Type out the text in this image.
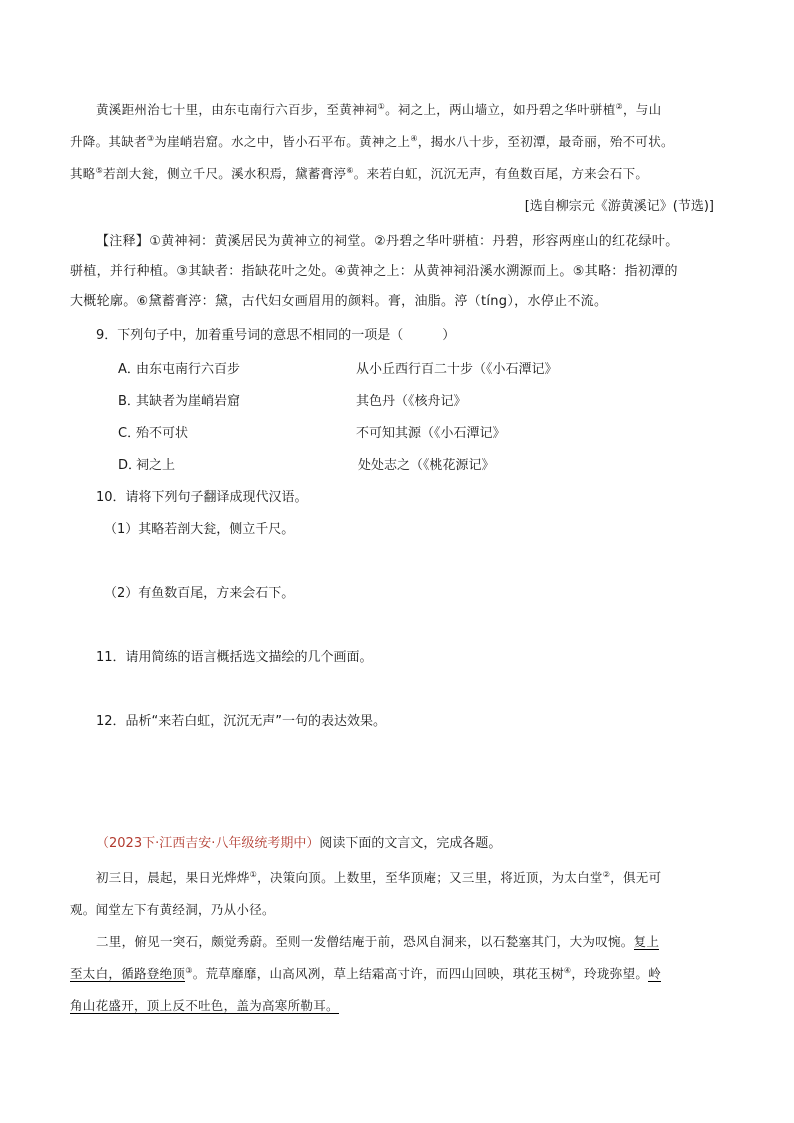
黄溪距州治七十里，由东屯南行六百步，至黄神祠①。祠之上，两山墙立，如丹碧之华叶骈植②，与山
升降。其缺者③为崖峭岩窟。水之中，皆小石平布。黄神之上④，揭水八十步，至初潭，最奇丽，殆不可状。
其略⑤若剖大瓮，侧立千尺。溪水积焉，黛蓄膏渟⑥。来若白虹，沉沉无声，有鱼数百尾，方来会石下。
[选自柳宗元《游黄溪记》(节选)]
【注释】①黄神祠：黄溪居民为黄神立的祠堂。②丹碧之华叶骈植：丹碧，形容两座山的红花绿叶。
骈植，并行种植。③其缺者：指缺花叶之处。④黄神之上：从黄神祠沿溪水溯源而上。⑤其略：指初潭的
大概轮廓。⑥黛蓄膏渟：黛，古代妇女画眉用的颜料。膏，油脂。渟（tíng），水停止不流。
9．下列句子中，加着重号词的意思不相同的一项是（　　　）
A．由东屯南行六百步	从小丘西行百二十步（《小石潭记》
B．其缺者为崖峭岩窟	其色丹（《核舟记》
C．殆不可状	不可知其源（《小石潭记》
D．祠之上	处处志之（《桃花源记》
10．请将下列句子翻译成现代汉语。
（1）其略若剖大瓮，侧立千尺。
（2）有鱼数百尾，方来会石下。
11．请用简练的语言概括选文描绘的几个画面。
12．品析“来若白虹，沉沉无声”一句的表达效果。
（2023下·江西吉安·八年级统考期中）阅读下面的文言文，完成各题。
初三日，晨起，果日光烨烨①，决策向顶。上数里，至华顶庵；又三里，将近顶，为太白堂②，俱无可
观。闻堂左下有黄经洞，乃从小径。
二里，俯见一突石，颇觉秀蔚。至则一发僧结庵于前，恐风自洞来，以石甃塞其门，大为叹惋。复上
至太白，循路登绝顶③。荒草靡靡，山高风冽，草上结霜高寸许，而四山回映，琪花玉树④，玲珑弥望。岭
角山花盛开，顶上反不吐色，盖为高寒所勒耳。
